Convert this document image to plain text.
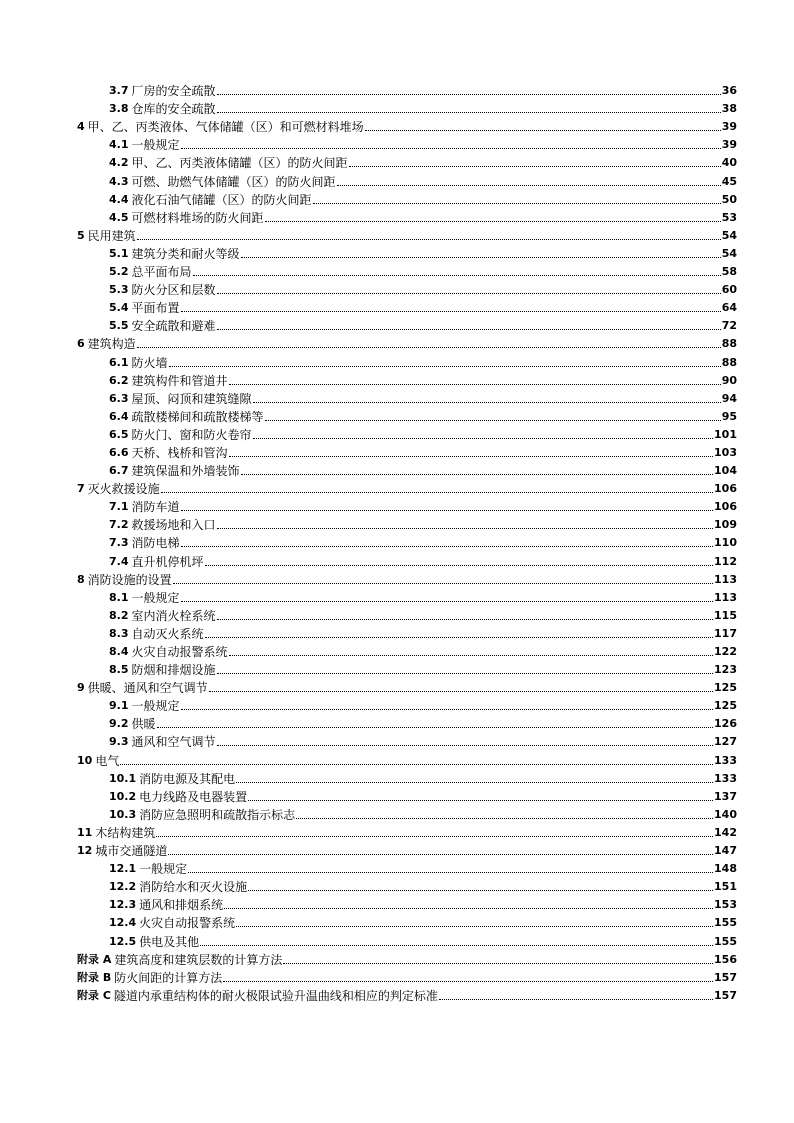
3.7 厂房的安全疏散	36
3.8 仓库的安全疏散	38
4 甲、乙、丙类液体、气体储罐（区）和可燃材料堆场	39
4.1 一般规定	39
4.2 甲、乙、丙类液体储罐（区）的防火间距	40
4.3 可燃、助燃气体储罐（区）的防火间距	45
4.4 液化石油气储罐（区）的防火间距	50
4.5 可燃材料堆场的防火间距	53
5 民用建筑	54
5.1 建筑分类和耐火等级	54
5.2 总平面布局	58
5.3 防火分区和层数	60
5.4 平面布置	64
5.5 安全疏散和避难	72
6 建筑构造	88
6.1 防火墙	88
6.2 建筑构件和管道井	90
6.3 屋顶、闷顶和建筑缝隙	94
6.4 疏散楼梯间和疏散楼梯等	95
6.5 防火门、窗和防火卷帘	101
6.6 天桥、栈桥和管沟	103
6.7 建筑保温和外墙装饰	104
7 灭火救援设施	106
7.1 消防车道	106
7.2 救援场地和入口	109
7.3 消防电梯	110
7.4 直升机停机坪	112
8 消防设施的设置	113
8.1 一般规定	113
8.2 室内消火栓系统	115
8.3 自动灭火系统	117
8.4 火灾自动报警系统	122
8.5 防烟和排烟设施	123
9 供暖、通风和空气调节	125
9.1 一般规定	125
9.2 供暖	126
9.3 通风和空气调节	127
10 电气	133
10.1 消防电源及其配电	133
10.2 电力线路及电器装置	137
10.3 消防应急照明和疏散指示标志	140
11 木结构建筑	142
12 城市交通隧道	147
12.1 一般规定	148
12.2 消防给水和灭火设施	151
12.3 通风和排烟系统	153
12.4 火灾自动报警系统	155
12.5 供电及其他	155
附录 A 建筑高度和建筑层数的计算方法	156
附录 B 防火间距的计算方法	157
附录 C 隧道内承重结构体的耐火极限试验升温曲线和相应的判定标准	157
